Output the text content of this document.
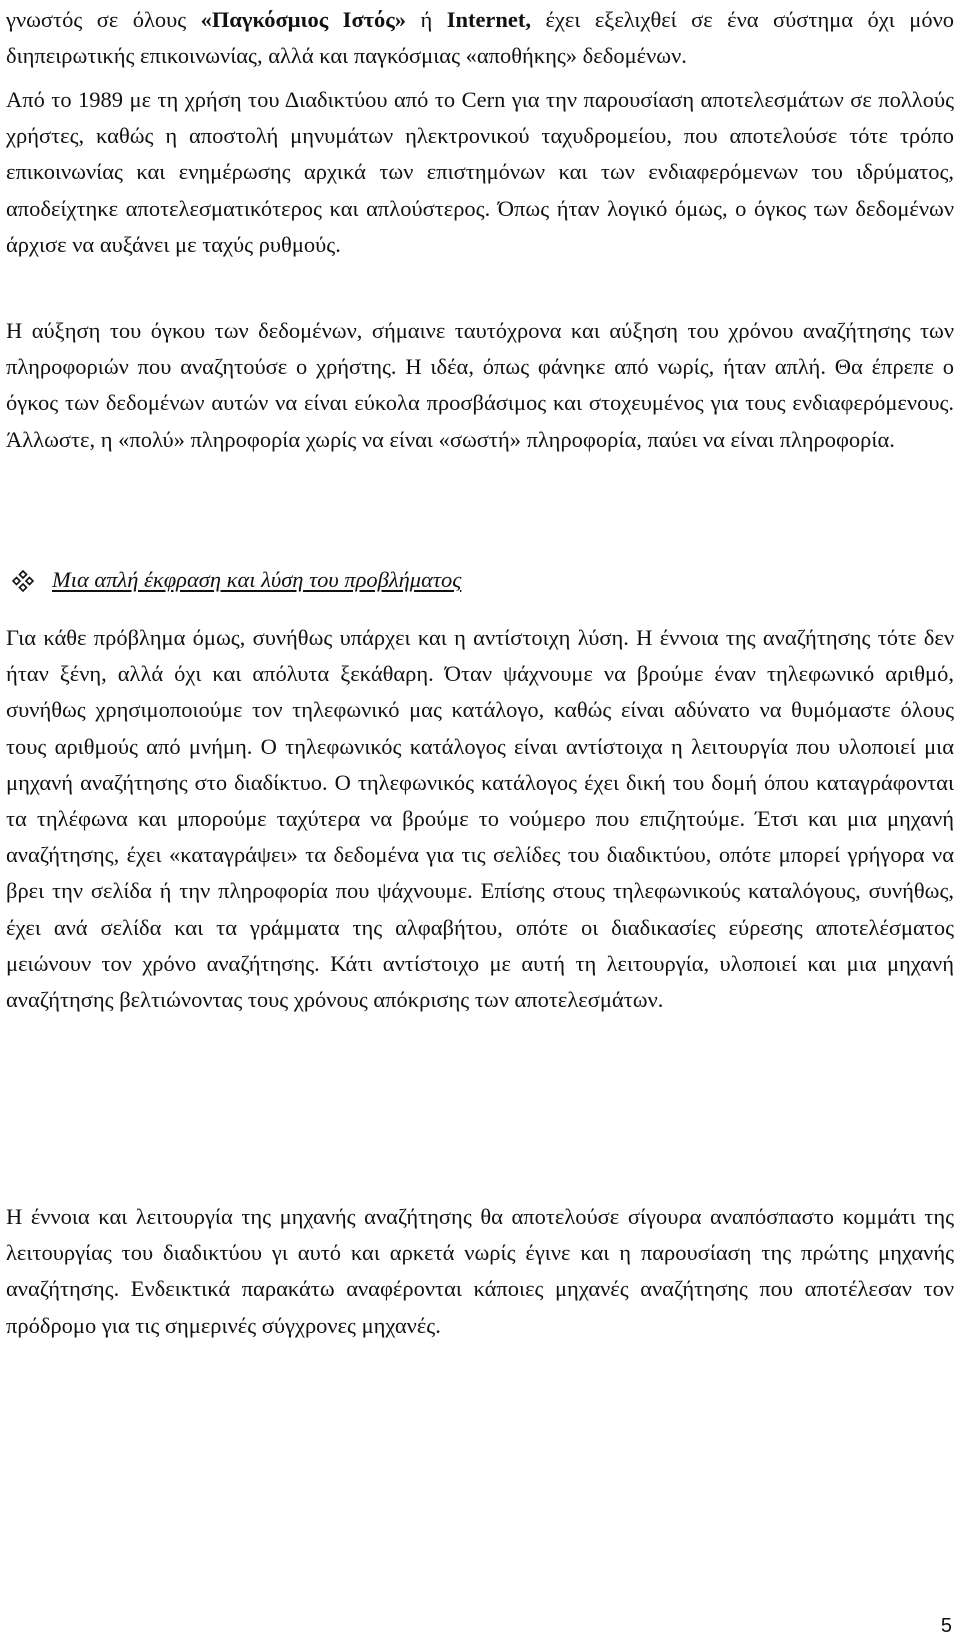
γνωστός σε όλους «Παγκόσμιος Ιστός» ή Internet, έχει εξελιχθεί σε ένα σύστημα όχι μόνο διηπειρωτικής επικοινωνίας, αλλά και παγκόσμιας «αποθήκης» δεδομένων.

Από το 1989 με τη χρήση του Διαδικτύου από το Cern για την παρουσίαση αποτελεσμάτων σε πολλούς χρήστες, καθώς η αποστολή μηνυμάτων ηλεκτρονικού ταχυδρομείου, που αποτελούσε τότε τρόπο επικοινωνίας και ενημέρωσης αρχικά των επιστημόνων και των ενδιαφερόμενων του ιδρύματος, αποδείχτηκε αποτελεσματικότερος και απλούστερος. Όπως ήταν λογικό όμως, ο όγκος των δεδομένων άρχισε να αυξάνει με ταχύς ρυθμούς.

Η αύξηση του όγκου των δεδομένων, σήμαινε ταυτόχρονα και αύξηση του χρόνου αναζήτησης των πληροφοριών που αναζητούσε ο χρήστης. Η ιδέα, όπως φάνηκε από νωρίς, ήταν απλή. Θα έπρεπε ο όγκος των δεδομένων αυτών να είναι εύκολα προσβάσιμος και στοχευμένος για τους ενδιαφερόμενους. Άλλωστε, η «πολύ» πληροφορία χωρίς να είναι «σωστή» πληροφορία, παύει να είναι πληροφορία.

Μια απλή έκφραση και λύση του προβλήματος

Για κάθε πρόβλημα όμως, συνήθως υπάρχει και η αντίστοιχη λύση. Η έννοια της αναζήτησης τότε δεν ήταν ξένη, αλλά όχι και απόλυτα ξεκάθαρη. Όταν ψάχνουμε να βρούμε έναν τηλεφωνικό αριθμό, συνήθως χρησιμοποιούμε τον τηλεφωνικό μας κατάλογο, καθώς είναι αδύνατο να θυμόμαστε όλους τους αριθμούς από μνήμη. Ο τηλεφωνικός κατάλογος είναι αντίστοιχα η λειτουργία που υλοποιεί μια μηχανή αναζήτησης στο διαδίκτυο. Ο τηλεφωνικός κατάλογος έχει δική του δομή όπου καταγράφονται τα τηλέφωνα και μπορούμε ταχύτερα να βρούμε το νούμερο που επιζητούμε. Έτσι και μια μηχανή αναζήτησης, έχει «καταγράψει» τα δεδομένα για τις σελίδες του διαδικτύου, οπότε μπορεί γρήγορα να βρει την σελίδα ή την πληροφορία που ψάχνουμε. Επίσης στους τηλεφωνικούς καταλόγους, συνήθως, έχει ανά σελίδα και τα γράμματα της αλφαβήτου, οπότε οι διαδικασίες εύρεσης αποτελέσματος μειώνουν τον χρόνο αναζήτησης. Κάτι αντίστοιχο με αυτή τη λειτουργία, υλοποιεί και μια μηχανή αναζήτησης βελτιώνοντας τους χρόνους απόκρισης των αποτελεσμάτων.

Η έννοια και λειτουργία της μηχανής αναζήτησης θα αποτελούσε σίγουρα αναπόσπαστο κομμάτι της λειτουργίας του διαδικτύου γι αυτό και αρκετά νωρίς έγινε και η παρουσίαση της πρώτης μηχανής αναζήτησης. Ενδεικτικά παρακάτω αναφέρονται κάποιες μηχανές αναζήτησης που αποτέλεσαν τον πρόδρομο για τις σημερινές σύγχρονες μηχανές.

5
